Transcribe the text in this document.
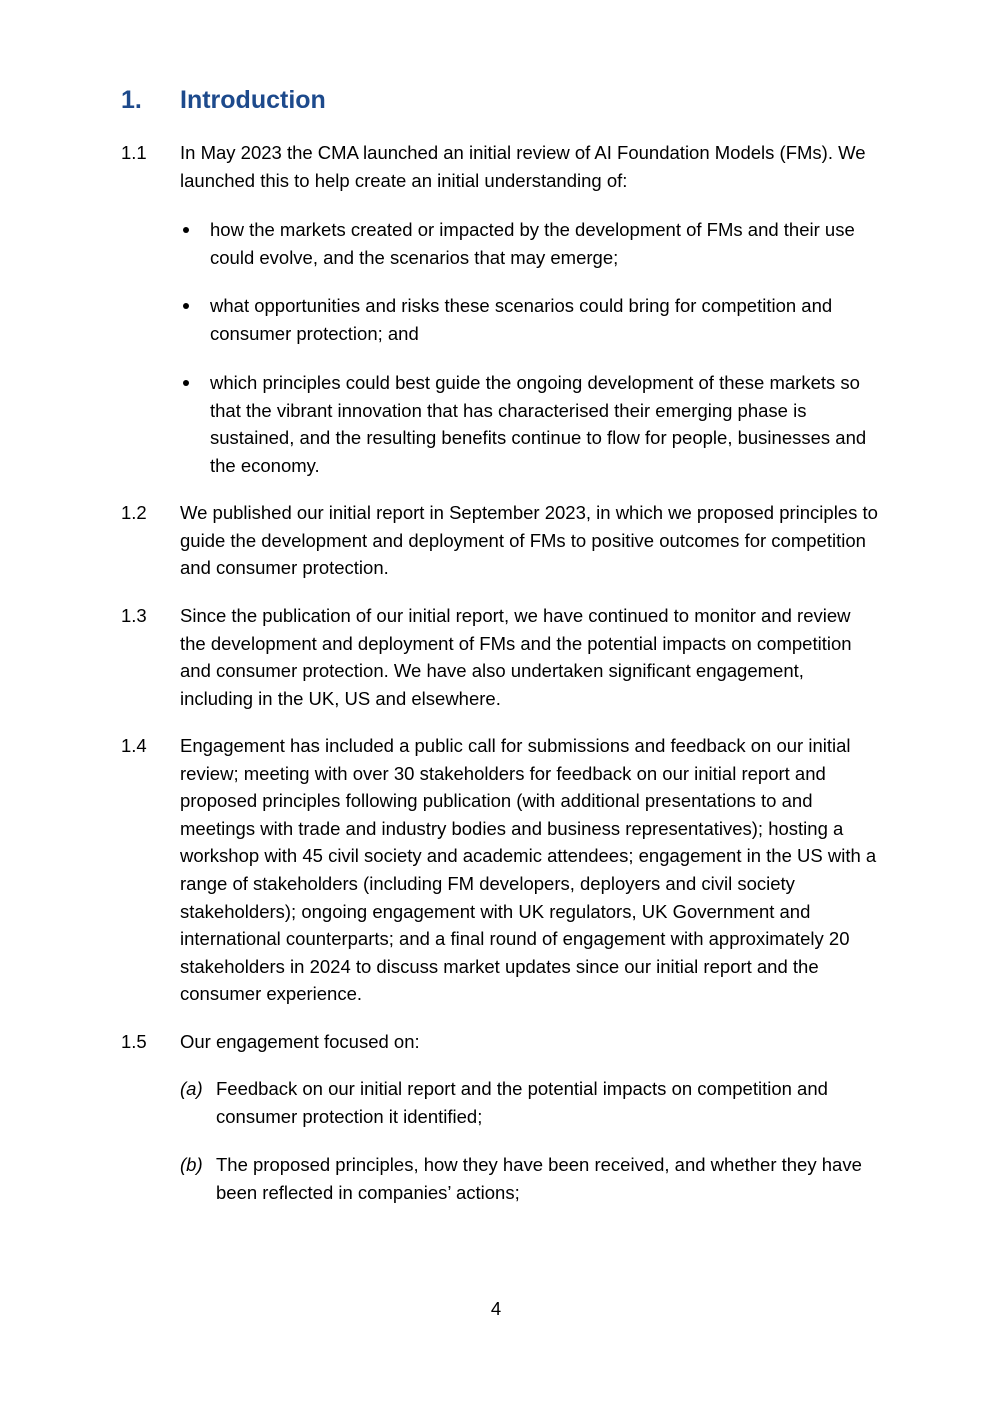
1.	Introduction
1.1	In May 2023 the CMA launched an initial review of AI Foundation Models (FMs). We launched this to help create an initial understanding of:
how the markets created or impacted by the development of FMs and their use could evolve, and the scenarios that may emerge;
what opportunities and risks these scenarios could bring for competition and consumer protection; and
which principles could best guide the ongoing development of these markets so that the vibrant innovation that has characterised their emerging phase is sustained, and the resulting benefits continue to flow for people, businesses and the economy.
1.2	We published our initial report in September 2023, in which we proposed principles to guide the development and deployment of FMs to positive outcomes for competition and consumer protection.
1.3	Since the publication of our initial report, we have continued to monitor and review the development and deployment of FMs and the potential impacts on competition and consumer protection. We have also undertaken significant engagement, including in the UK, US and elsewhere.
1.4	Engagement has included a public call for submissions and feedback on our initial review; meeting with over 30 stakeholders for feedback on our initial report and proposed principles following publication (with additional presentations to and meetings with trade and industry bodies and business representatives); hosting a workshop with 45 civil society and academic attendees; engagement in the US with a range of stakeholders (including FM developers, deployers and civil society stakeholders); ongoing engagement with UK regulators, UK Government and international counterparts; and a final round of engagement with approximately 20 stakeholders in 2024 to discuss market updates since our initial report and the consumer experience.
1.5	Our engagement focused on:
(a) Feedback on our initial report and the potential impacts on competition and consumer protection it identified;
(b) The proposed principles, how they have been received, and whether they have been reflected in companies’ actions;
4
